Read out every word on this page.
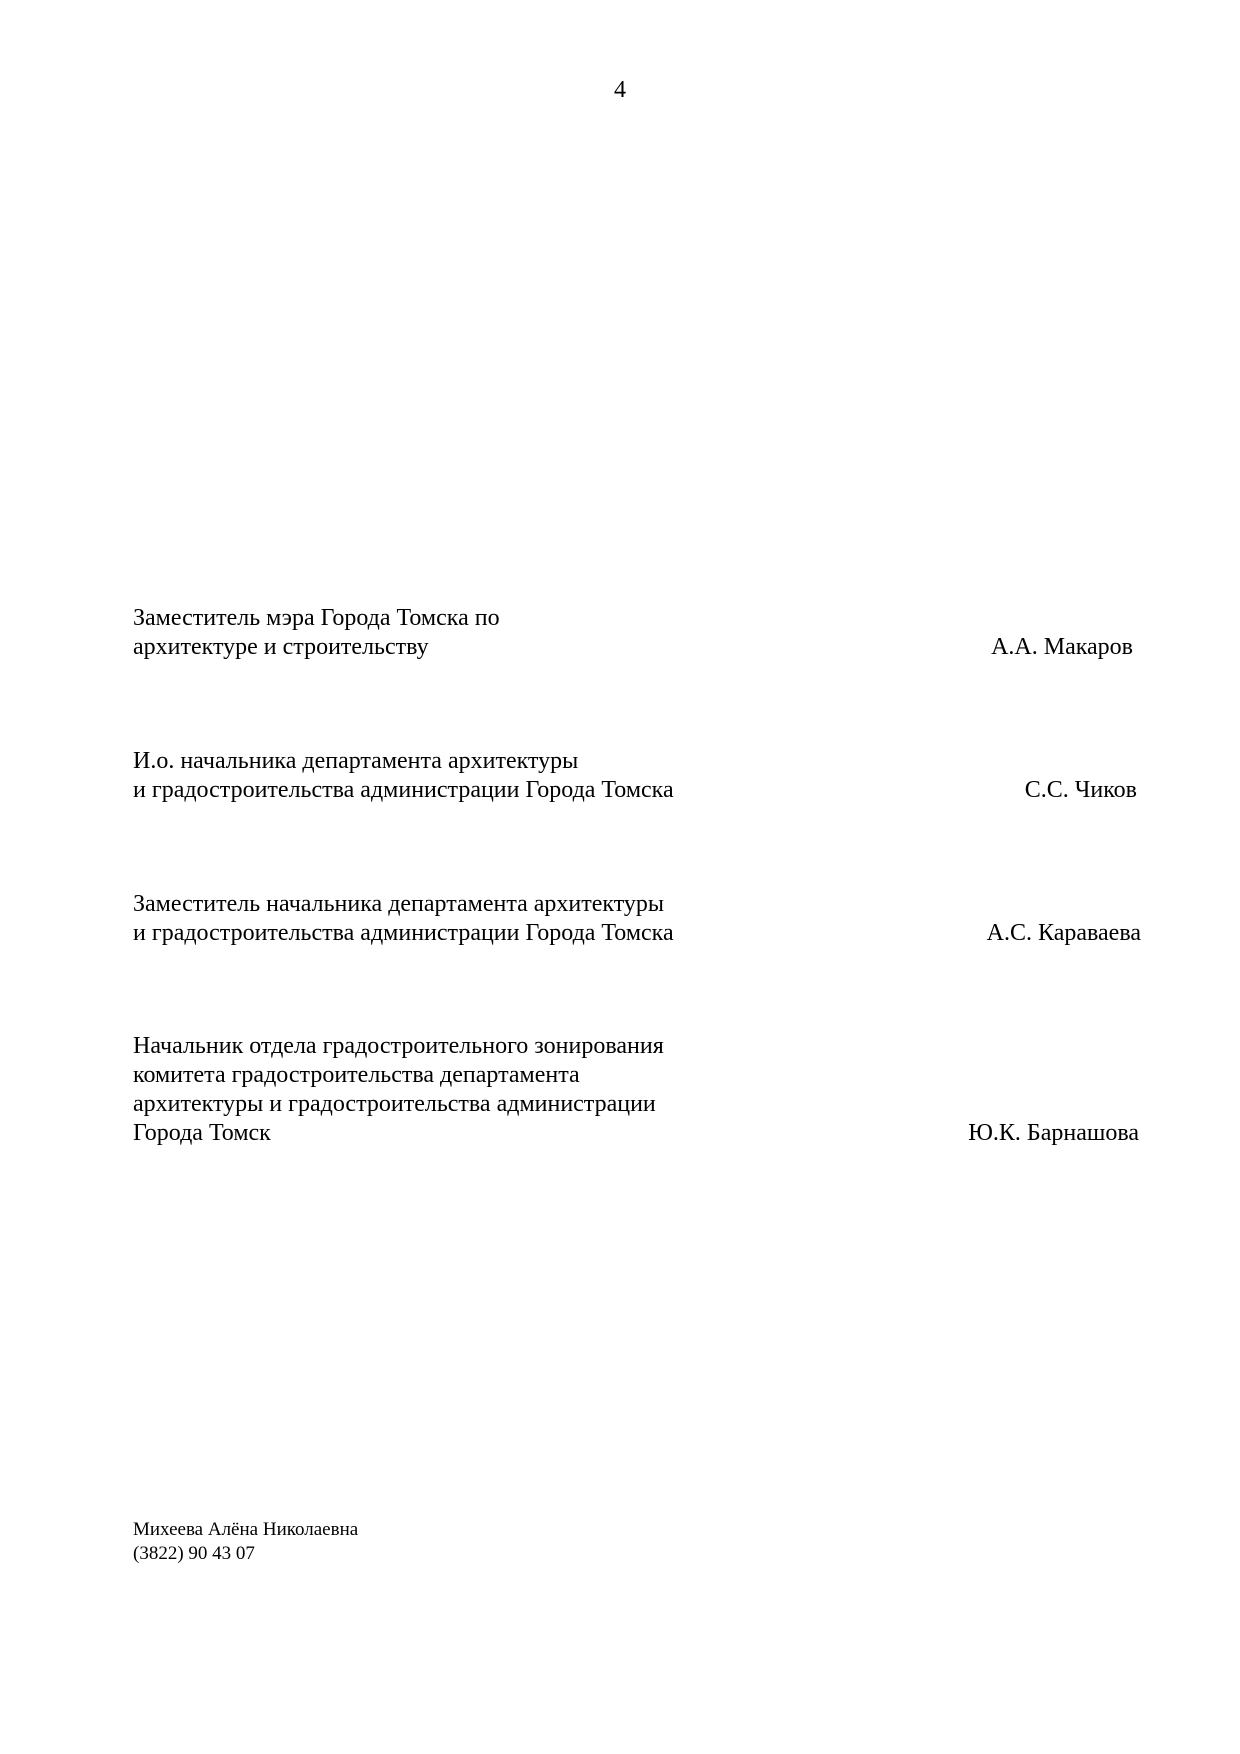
4
Заместитель мэра Города Томска по
архитектуре и строительству	А.А. Макаров
И.о. начальника департамента архитектуры
и градостроительства администрации Города Томска	С.С. Чиков
Заместитель начальника департамента архитектуры
и градостроительства администрации Города Томска	А.С. Караваева
Начальник отдела градостроительного зонирования
комитета градостроительства департамента
архитектуры и градостроительства администрации
Города Томск	Ю.К. Барнашова
Михеева Алёна Николаевна
(3822) 90 43 07
